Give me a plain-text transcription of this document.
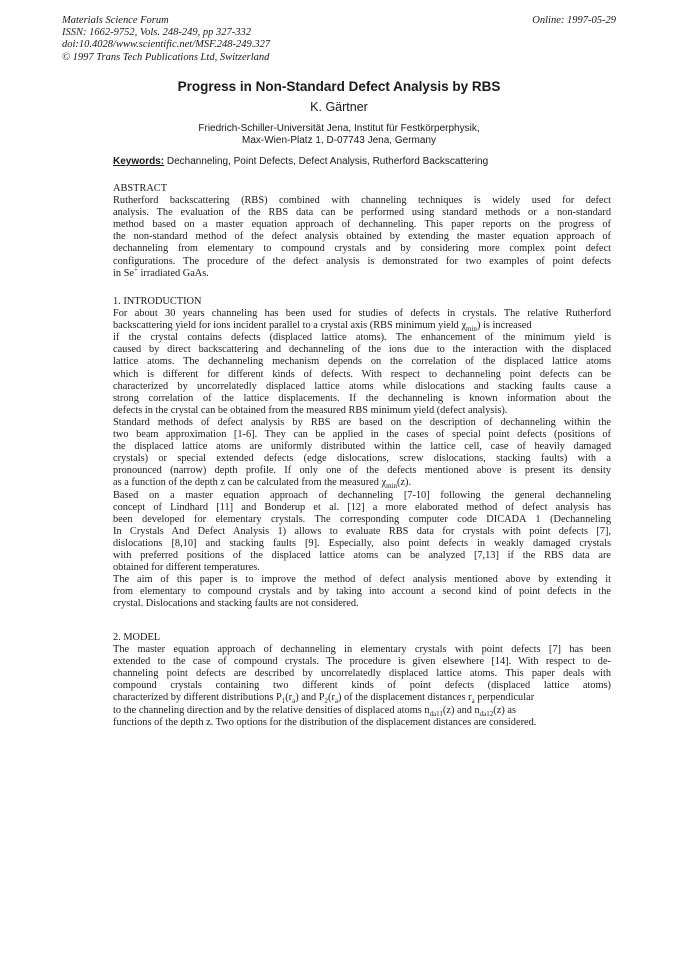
Materials Science Forum
ISSN: 1662-9752, Vols. 248-249, pp 327-332
doi:10.4028/www.scientific.net/MSF.248-249.327
© 1997 Trans Tech Publications Ltd, Switzerland
Online: 1997-05-29
Progress in Non-Standard Defect Analysis by RBS
K. Gärtner
Friedrich-Schiller-Universität Jena, Institut für Festkörperphysik,
Max-Wien-Platz 1, D-07743 Jena, Germany
Keywords: Dechanneling, Point Defects, Defect Analysis, Rutherford Backscattering
ABSTRACT
Rutherford backscattering (RBS) combined with channeling techniques is widely used for defect
analysis. The evaluation of the RBS data can be performed using standard methods or a non-standard
method based on a master equation approach of dechanneling. This paper reports on the progress of
the non-standard method of the defect analysis obtained by extending the master equation approach of
dechanneling from elementary to compound crystals and by considering more complex point defect
configurations. The procedure of the defect analysis is demonstrated for two examples of point defects
in Se+ irradiated GaAs.
1. INTRODUCTION
For about 30 years channeling has been used for studies of defects in crystals. The relative Rutherford
backscattering yield for ions incident parallel to a crystal axis (RBS minimum yield $\chi_{min}$) is increased
if the crystal contains defects (displaced lattice atoms). The enhancement of the minimum yield is
caused by direct backscattering and dechanneling of the ions due to the interaction with the displaced
lattice atoms. The dechanneling mechanism depends on the correlation of the displaced lattice atoms
which is different for different kinds of defects. With respect to dechanneling point defects can be
characterized by uncorrelatedly displaced lattice atoms while dislocations and stacking faults cause a
strong correlation of the lattice displacements. If the dechanneling is known information about the
defects in the crystal can be obtained from the measured RBS minimum yield (defect analysis).
Standard methods of defect analysis by RBS are based on the description of dechanneling within the
two beam approximation [1-6]. They can be applied in the cases of special point defects (positions of
the displaced lattice atoms are uniformly distributed within the lattice cell, case of heavily damaged
crystals) or special extended defects (edge dislocations, screw dislocations, stacking faults) with a
pronounced (narrow) depth profile. If only one of the defects mentioned above is present its density
as a function of the depth z can be calculated from the measured $\chi_{min}(z)$.
Based on a master equation approach of dechanneling [7-10] following the general dechanneling
concept of Lindhard [11] and Bonderup et al. [12] a more elaborated method of defect analysis has
been developed for elementary crystals. The corresponding computer code DICADA 1 (Dechanneling
In Crystals And Defect Analysis 1) allows to evaluate RBS data for crystals with point defects [7],
dislocations [8,10] and stacking faults [9]. Especially, also point defects in weakly damaged crystals
with preferred positions of the displaced lattice atoms can be analyzed [7,13] if the RBS data are
obtained for different temperatures.
The aim of this paper is to improve the method of defect analysis mentioned above by extending it
from elementary to compound crystals and by taking into account a second kind of point defects in the
crystal. Dislocations and stacking faults are not considered.
2. MODEL
The master equation approach of dechanneling in elementary crystals with point defects [7] has been
extended to the case of compound crystals. The procedure is given elsewhere [14]. With respect to de-
channeling point defects are described by uncorrelatedly displaced lattice atoms. This paper deals with
compound crystals containing two different kinds of point defects (displaced lattice atoms)
characterized by different distributions $P_1(r_a)$ and $P_2(r_a)$ of the displacement distances $r_a$ perpendicular
to the channeling direction and by the relative densities of displaced atoms $n_{da11}(z)$ and $n_{da12}(z)$ as
functions of the depth z. Two options for the distribution of the displacement distances are considered.
